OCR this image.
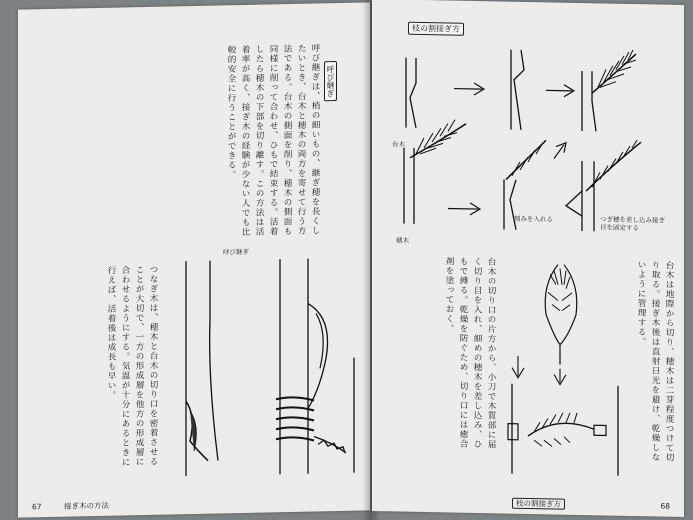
呼び継ぎ
呼び継ぎは、梢の細いもの、継ぎ穂を長くしたいとき、台木と穂木の両方を寄せて行う方法である。台木の側面を削り、穂木の側面も同様に削って合わせ、ひもで結束する。活着したら穂木の下部を切り離す。この方法は活着率が高く、接ぎ木の経験が少ない人でも比較的安全に行うことができる。
つなぎ木は、穂木と台木の切り口を密着させることが大切で、一方の形成層を他方の形成層に合わせるようにする。気温が十分にあるときに行えば、活着後は成長も早い。
呼び継ぎ
67	接ぎ木の方法
枝の割接ぎ方
台木
穂木
刻みを入れる	つぎ穂を差し込み接ぎ目を固定する
台木の切り口の片方から、小刀で木質部に届く切り目を入れ、細めの穂木を差し込み、ひもで縛る。乾燥を防ぐため、切り口には癒合剤を塗っておく。	台木は地際から切り、穂木は二芽程度つけて切り取る。接ぎ木後は直射日光を避け、乾燥しないように管理する。
枝の割接ぎ方	68
